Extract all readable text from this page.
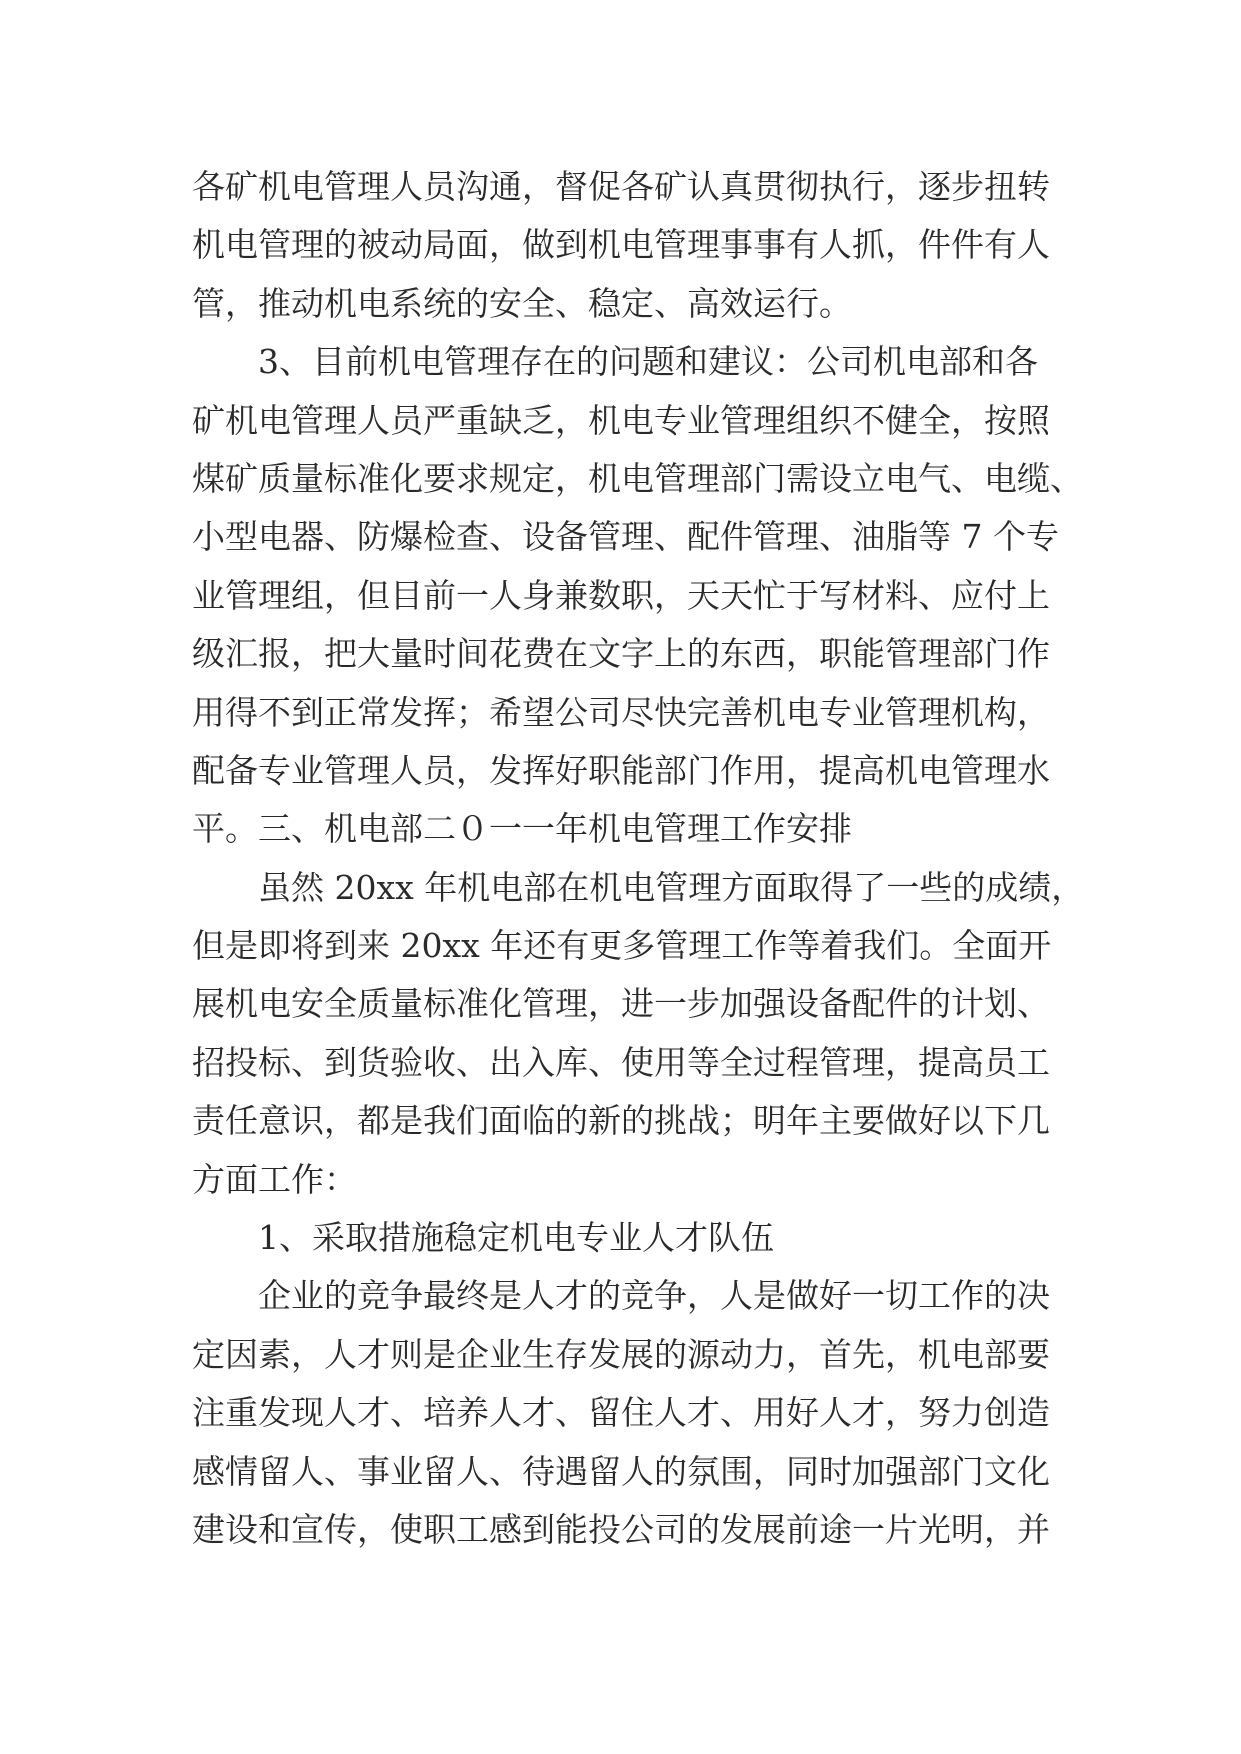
各矿机电管理人员沟通，督促各矿认真贯彻执行，逐步扭转
机电管理的被动局面，做到机电管理事事有人抓，件件有人
管，推动机电系统的安全、稳定、高效运行。
3、目前机电管理存在的问题和建议：公司机电部和各
矿机电管理人员严重缺乏，机电专业管理组织不健全，按照
煤矿质量标准化要求规定，机电管理部门需设立电气、电缆、
小型电器、防爆检查、设备管理、配件管理、油脂等 7 个专
业管理组，但目前一人身兼数职，天天忙于写材料、应付上
级汇报，把大量时间花费在文字上的东西，职能管理部门作
用得不到正常发挥；希望公司尽快完善机电专业管理机构，
配备专业管理人员，发挥好职能部门作用，提高机电管理水
平。三、机电部二０一一年机电管理工作安排
虽然 20xx 年机电部在机电管理方面取得了一些的成绩，
但是即将到来 20xx 年还有更多管理工作等着我们。全面开
展机电安全质量标准化管理，进一步加强设备配件的计划、
招投标、到货验收、出入库、使用等全过程管理，提高员工
责任意识，都是我们面临的新的挑战；明年主要做好以下几
方面工作：
1、采取措施稳定机电专业人才队伍
企业的竞争最终是人才的竞争，人是做好一切工作的决
定因素，人才则是企业生存发展的源动力，首先，机电部要
注重发现人才、培养人才、留住人才、用好人才，努力创造
感情留人、事业留人、待遇留人的氛围，同时加强部门文化
建设和宣传，使职工感到能投公司的发展前途一片光明，并
